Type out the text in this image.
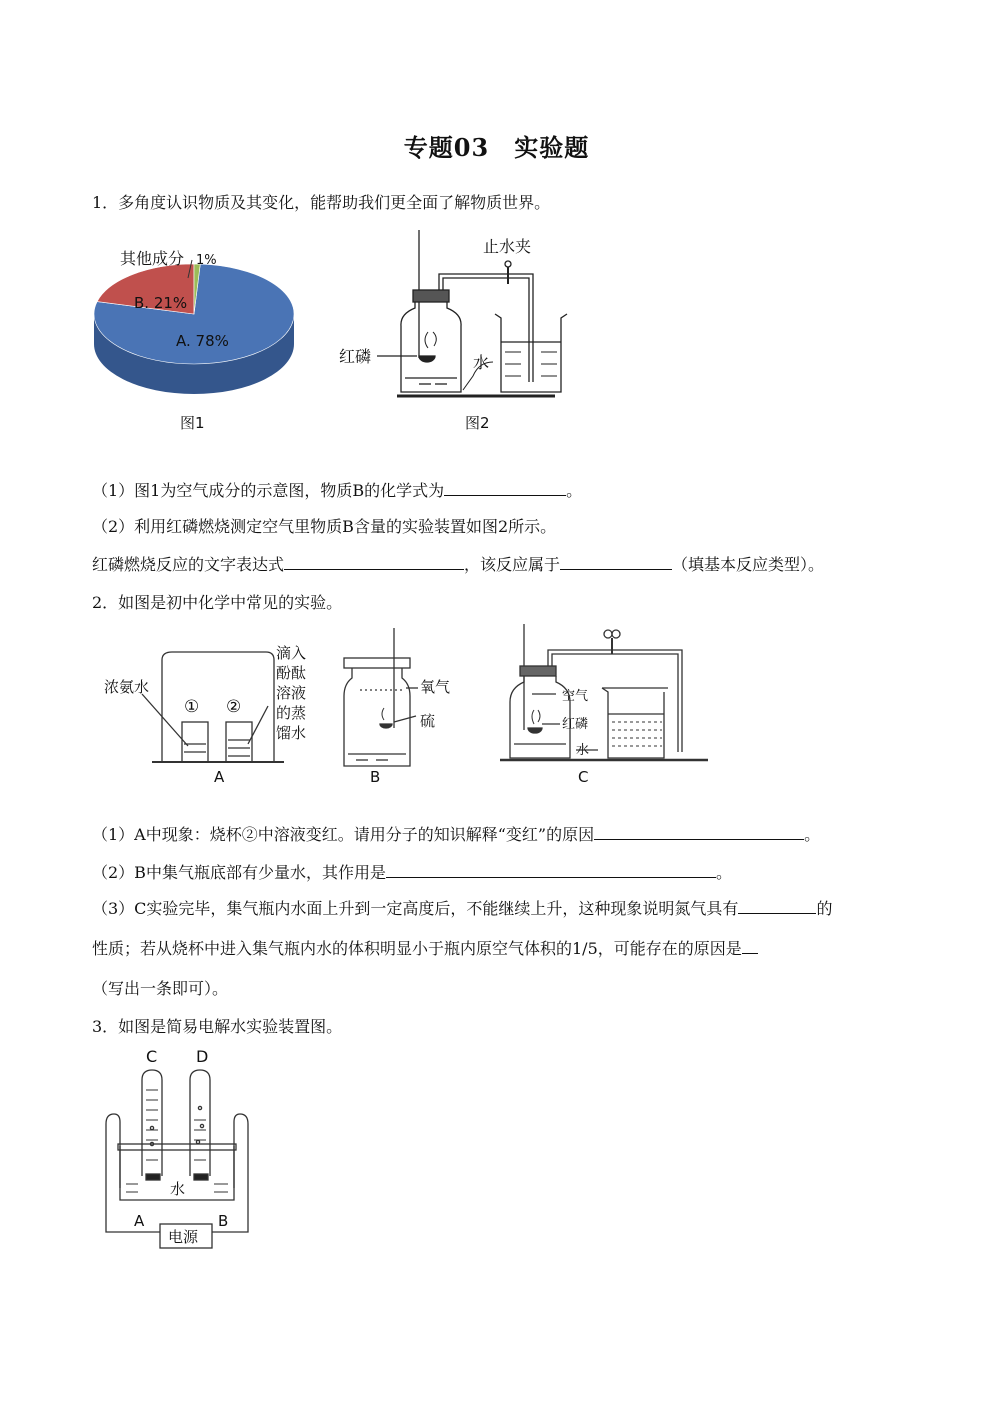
专题03　实验题
1．多角度认识物质及其变化，能帮助我们更全面了解物质世界。
其他成分 1%
B. 21%
A. 78%
图1
止水夹
红磷	水
图2
（1）图1为空气成分的示意图，物质B的化学式为	。
（2）利用红磷燃烧测定空气里物质B含量的实验装置如图2所示。
红磷燃烧反应的文字表达式	，该反应属于	（填基本反应类型）。
2．如图是初中化学中常见的实验。
浓氨水
① ②
滴入酚酞溶液的蒸馏水
A
氧气
硫
B
空气
红磷
水
C
（1）A中现象：烧杯②中溶液变红。请用分子的知识解释“变红”的原因	。
（2）B中集气瓶底部有少量水，其作用是	。
（3）C实验完毕，集气瓶内水面上升到一定高度后，不能继续上升，这种现象说明氮气具有	的
性质；若从烧杯中进入集气瓶内水的体积明显小于瓶内原空气体积的1/5，可能存在的原因是
（写出一条即可）。
3．如图是简易电解水实验装置图。
C D
水
A	B
电源
